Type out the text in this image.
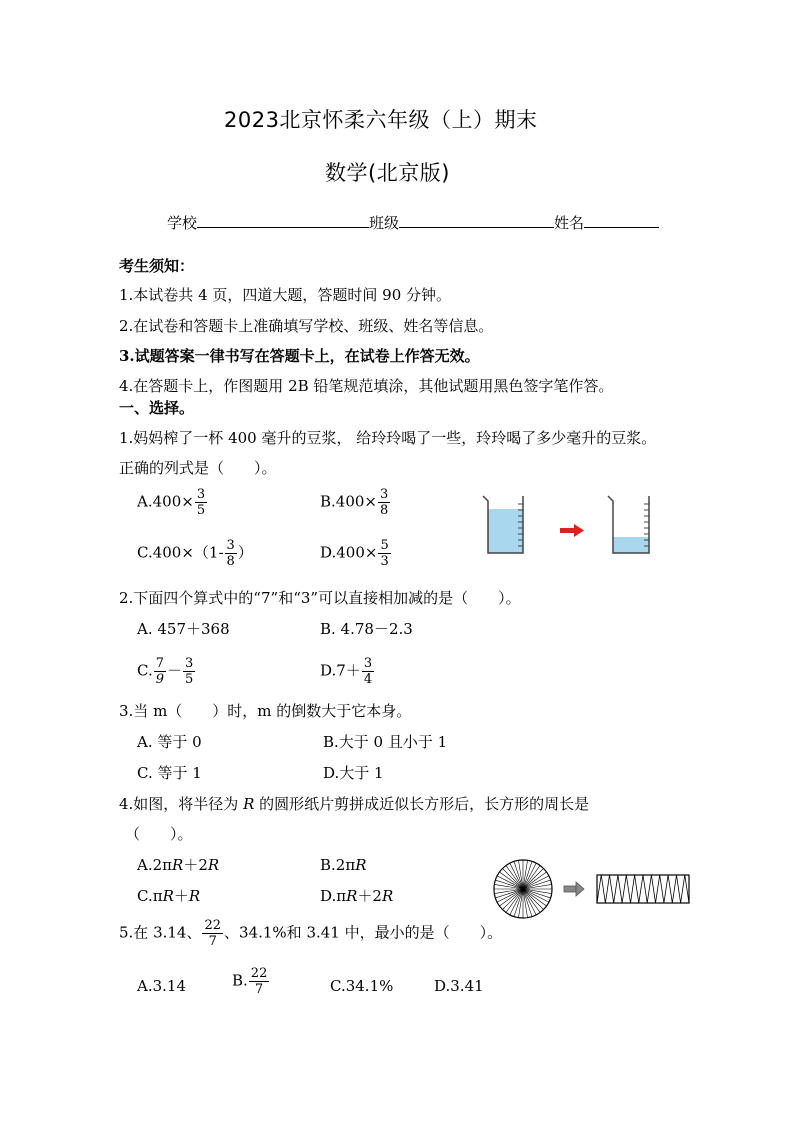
2023北京怀柔六年级（上）期末
数学(北京版)
学校	班级	姓名
考生须知：
1.本试卷共 4 页，四道大题，答题时间 90 分钟。
2.在试卷和答题卡上准确填写学校、班级、姓名等信息。
3.试题答案一律书写在答题卡上，在试卷上作答无效。
4.在答题卡上，作图题用 2B 铅笔规范填涂，其他试题用黑色签字笔作答。
一、选择。
1.妈妈榨了一杯 400 毫升的豆浆， 给玲玲喝了一些，玲玲喝了多少毫升的豆浆。
正确的列式是（　　）。
$A.400\times \frac{3}{5}$	$B.400\times \frac{3}{8}$
$C.400\times(1- \frac{3}{8}$ ）	$D.400\times \frac{5}{3}$
2.下面四个算式中的“7”和“3”可以直接相加减的是（　　）。
A. 457＋368	B. 4.78－2.3
C. $\frac{7}{9} - \frac{3}{5}$	$D.7+ \frac{3}{4}$
3.当 m（　　）时，m 的倒数大于它本身。
A. 等于 0	B.大于 0 且小于 1
C. 等于 1	D.大于 1
4.如图，将半径为 R 的圆形纸片剪拼成近似长方形后，长方形的周长是
（　　）。
A.2πR＋2R	B.2πR
C.πR＋R	D.πR＋2R
5.在 3.14、 $\frac{22}{7}$ 、34.1%和 3.41 中，最小的是（　　）。
A.3.14	B. $\frac{22}{7}$	C.34.1%	D.3.41
